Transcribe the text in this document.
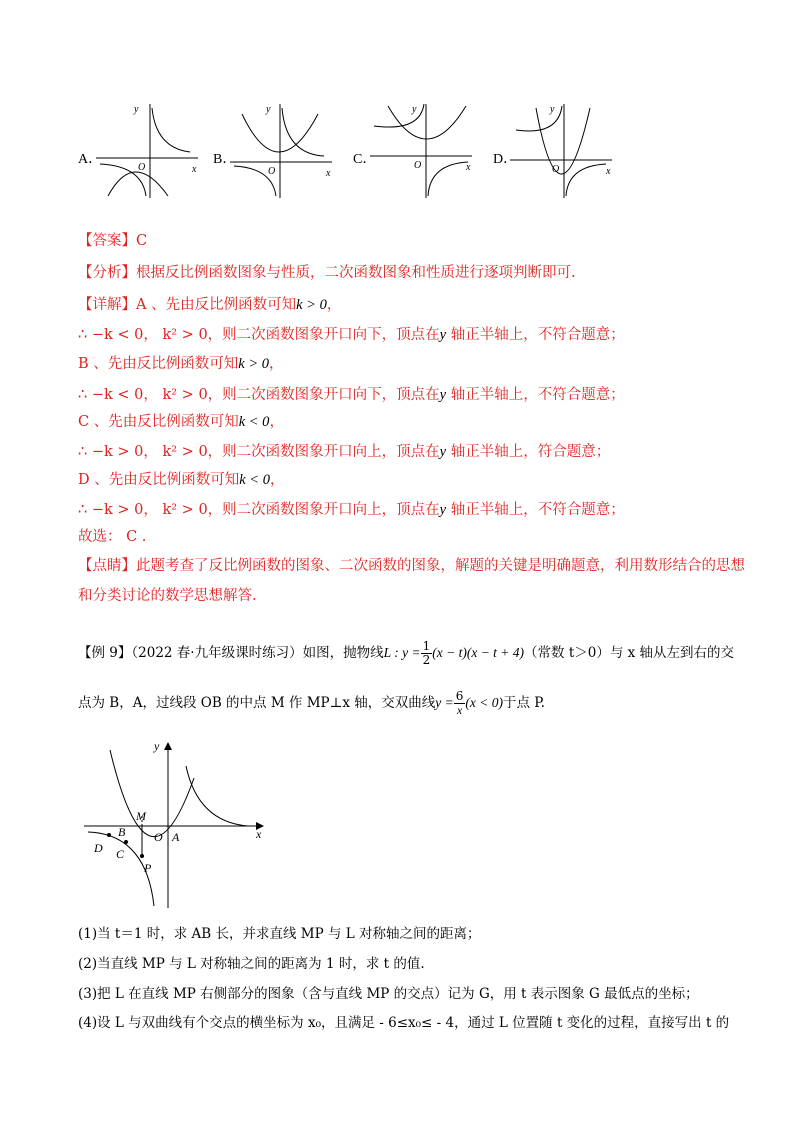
A．
y
x
O
B．
y
x
O
C．
y
x
O	D．
y
x
O
【答案】C
【分析】根据反比例函数图象与性质，二次函数图象和性质进行逐项判断即可.
【详解】A 、先由反比例函数可知k > 0，
∴ −k < 0， k² > 0，则二次函数图象开口向下，顶点在y 轴正半轴上，不符合题意；
B 、先由反比例函数可知k > 0，
∴ −k < 0， k² > 0，则二次函数图象开口向下，顶点在y 轴正半轴上，不符合题意；
C 、先由反比例函数可知k < 0，
∴ −k > 0， k² > 0，则二次函数图象开口向上，顶点在y 轴正半轴上，符合题意；
D 、先由反比例函数可知k < 0，
∴ −k > 0， k² > 0，则二次函数图象开口向上，顶点在y 轴正半轴上，不符合题意；
故选： C .
【点睛】此题考查了反比例函数的图象、二次函数的图象，解题的关键是明确题意，利用数形结合的思想
和分类讨论的数学思想解答.
【例 9】（2022 春·九年级课时练习）如图，抛物线L : $y = \frac{1}{2} (x - t)(x - t + 4)$（常数 t＞0）与 x 轴从左到右的交
点为 B，A，过线段 OB 的中点 M 作 MP⊥x 轴，交双曲线$y = \frac{6}{x} (x < 0)$于点 P.
y
x
M
B O A
D C
P
(1)当 t＝1 时，求 AB 长，并求直线 MP 与 L 对称轴之间的距离；
(2)当直线 MP 与 L 对称轴之间的距离为 1 时，求 t 的值.
(3)把 L 在直线 MP 右侧部分的图象（含与直线 MP 的交点）记为 G，用 t 表示图象 G 最低点的坐标；
(4)设 L 与双曲线有个交点的横坐标为 x₀，且满足 - 6≤x₀≤ - 4，通过 L 位置随 t 变化的过程，直接写出 t 的
